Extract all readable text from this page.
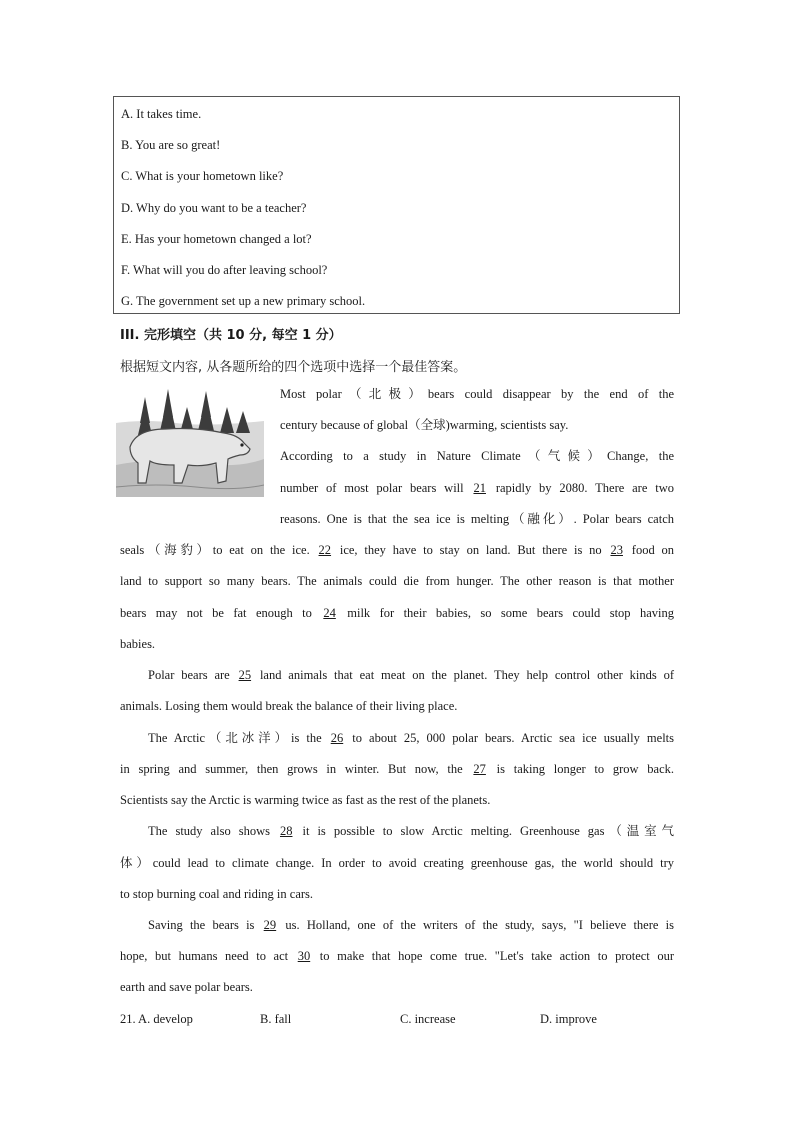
A. It takes time.
B. You are so great!
C. What is your hometown like?
D. Why do you want to be a teacher?
E. Has your hometown changed a lot?
F. What will you do after leaving school?
G. The government set up a new primary school.
III. 完形填空（共 10 分, 每空 1 分）
根据短文内容, 从各题所给的四个选项中选择一个最佳答案。
Most polar（北极）bears could disappear by the end of the
century because of global（全球)warming, scientists say.
According to a study in Nature Climate（气候）Change, the
number of most polar bears will 21 rapidly by 2080. There are two
reasons. One is that the sea ice is melting（融化）. Polar bears catch
seals（海豹）to eat on the ice. 22 ice, they have to stay on land. But there is no 23 food on
land to support so many bears. The animals could die from hunger. The other reason is that mother
bears may not be fat enough to 24 milk for their babies, so some bears could stop having
babies.
Polar bears are 25 land animals that eat meat on the planet. They help control other kinds of
animals. Losing them would break the balance of their living place.
The Arctic（北冰洋）is the 26 to about 25, 000 polar bears. Arctic sea ice usually melts
in spring and summer, then grows in winter. But now, the 27 is taking longer to grow back.
Scientists say the Arctic is warming twice as fast as the rest of the planets.
The study also shows 28 it is possible to slow Arctic melting. Greenhouse gas（温室气
体）could lead to climate change. In order to avoid creating greenhouse gas, the world should try
to stop burning coal and riding in cars.
Saving the bears is 29 us. Holland, one of the writers of the study, says, "I believe there is
hope, but humans need to act 30 to make that hope come true. "Let's take action to protect our
earth and save polar bears.
21. A. develop	B. fall	C. increase	D. improve
